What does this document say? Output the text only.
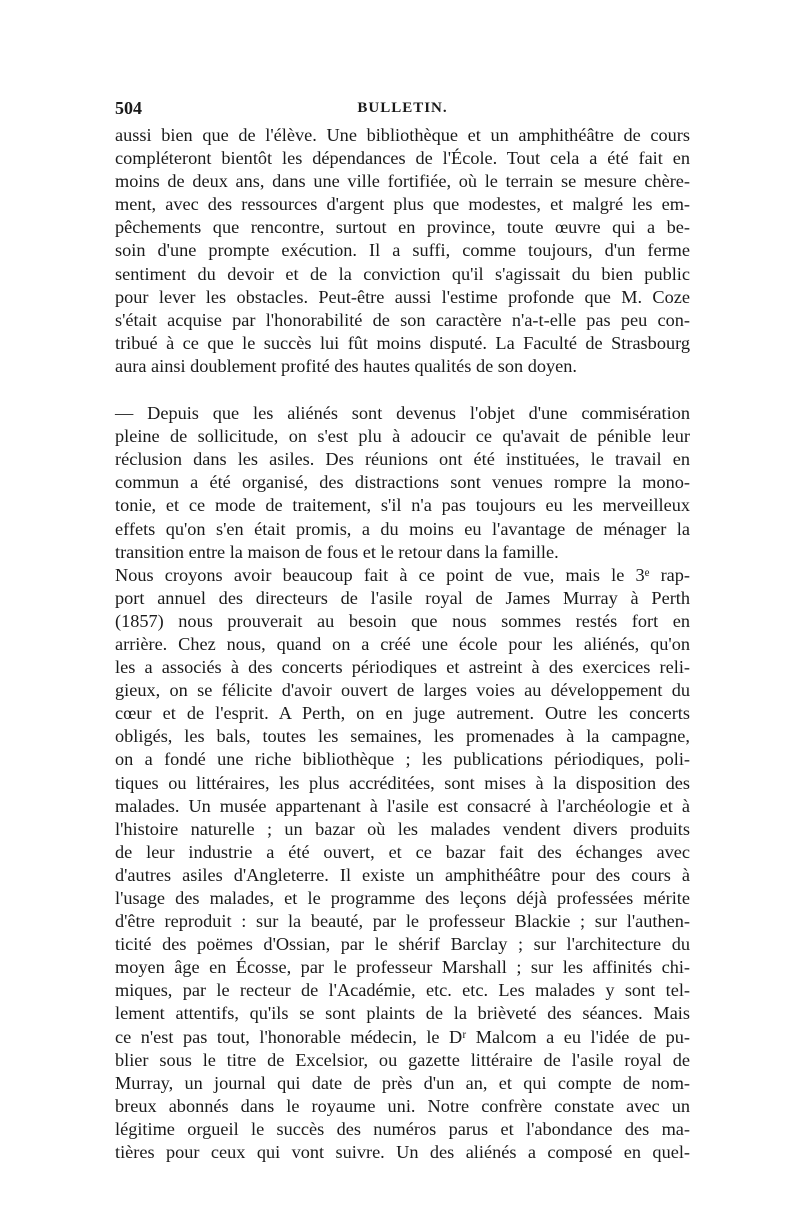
504	BULLETIN.
aussi bien que de l'élève. Une bibliothèque et un amphithéâtre de cours
compléteront bientôt les dépendances de l'École. Tout cela a été fait en
moins de deux ans, dans une ville fortifiée, où le terrain se mesure chère-
ment, avec des ressources d'argent plus que modestes, et malgré les em-
pêchements que rencontre, surtout en province, toute œuvre qui a be-
soin d'une prompte exécution. Il a suffi, comme toujours, d'un ferme
sentiment du devoir et de la conviction qu'il s'agissait du bien public
pour lever les obstacles. Peut-être aussi l'estime profonde que M. Coze
s'était acquise par l'honorabilité de son caractère n'a-t-elle pas peu con-
tribué à ce que le succès lui fût moins disputé. La Faculté de Strasbourg
aura ainsi doublement profité des hautes qualités de son doyen.
— Depuis que les aliénés sont devenus l'objet d'une commisération
pleine de sollicitude, on s'est plu à adoucir ce qu'avait de pénible leur
réclusion dans les asiles. Des réunions ont été instituées, le travail en
commun a été organisé, des distractions sont venues rompre la mono-
tonie, et ce mode de traitement, s'il n'a pas toujours eu les merveilleux
effets qu'on s'en était promis, a du moins eu l'avantage de ménager la
transition entre la maison de fous et le retour dans la famille.
Nous croyons avoir beaucoup fait à ce point de vue, mais le 3ᵉ rap-
port annuel des directeurs de l'asile royal de James Murray à Perth
(1857) nous prouverait au besoin que nous sommes restés fort en
arrière. Chez nous, quand on a créé une école pour les aliénés, qu'on
les a associés à des concerts périodiques et astreint à des exercices reli-
gieux, on se félicite d'avoir ouvert de larges voies au développement du
cœur et de l'esprit. A Perth, on en juge autrement. Outre les concerts
obligés, les bals, toutes les semaines, les promenades à la campagne,
on a fondé une riche bibliothèque ; les publications périodiques, poli-
tiques ou littéraires, les plus accréditées, sont mises à la disposition des
malades. Un musée appartenant à l'asile est consacré à l'archéologie et à
l'histoire naturelle ; un bazar où les malades vendent divers produits
de leur industrie a été ouvert, et ce bazar fait des échanges avec
d'autres asiles d'Angleterre. Il existe un amphithéâtre pour des cours à
l'usage des malades, et le programme des leçons déjà professées mérite
d'être reproduit : sur la beauté, par le professeur Blackie ; sur l'authen-
ticité des poëmes d'Ossian, par le shérif Barclay ; sur l'architecture du
moyen âge en Écosse, par le professeur Marshall ; sur les affinités chi-
miques, par le recteur de l'Académie, etc. etc. Les malades y sont tel-
lement attentifs, qu'ils se sont plaints de la brièveté des séances. Mais
ce n'est pas tout, l'honorable médecin, le Dʳ Malcom a eu l'idée de pu-
blier sous le titre de Excelsior, ou gazette littéraire de l'asile royal de
Murray, un journal qui date de près d'un an, et qui compte de nom-
breux abonnés dans le royaume uni. Notre confrère constate avec un
légitime orgueil le succès des numéros parus et l'abondance des ma-
tières pour ceux qui vont suivre. Un des aliénés a composé en quel-
